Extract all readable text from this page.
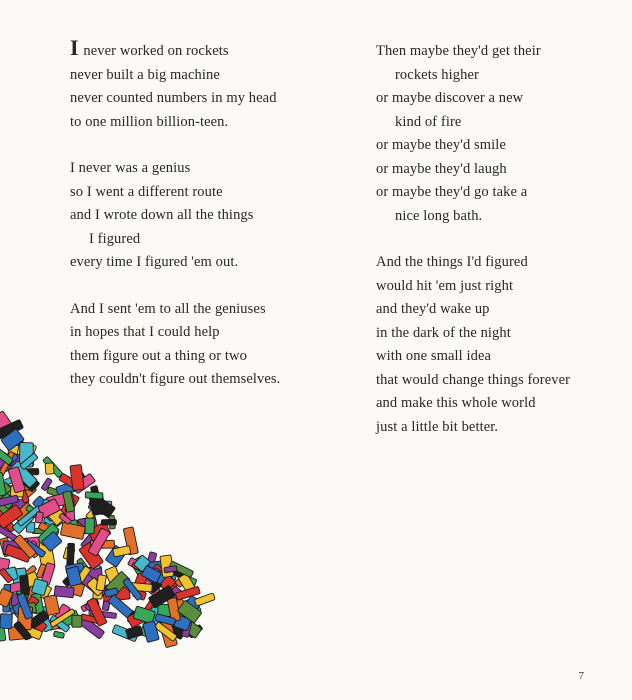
I never worked on rockets
never built a big machine
never counted numbers in my head
to one million billion-teen.
I never was a genius
so I went a different route
and I wrote down all the things
I figured
every time I figured 'em out.
And I sent 'em to all the geniuses
in hopes that I could help
them figure out a thing or two
they couldn't figure out themselves.
Then maybe they'd get their
rockets higher
or maybe discover a new
kind of fire
or maybe they'd smile
or maybe they'd laugh
or maybe they'd go take a
nice long bath.
And the things I'd figured
would hit 'em just right
and they'd wake up
in the dark of the night
with one small idea
that would change things forever
and make this whole world
just a little bit better.
7
